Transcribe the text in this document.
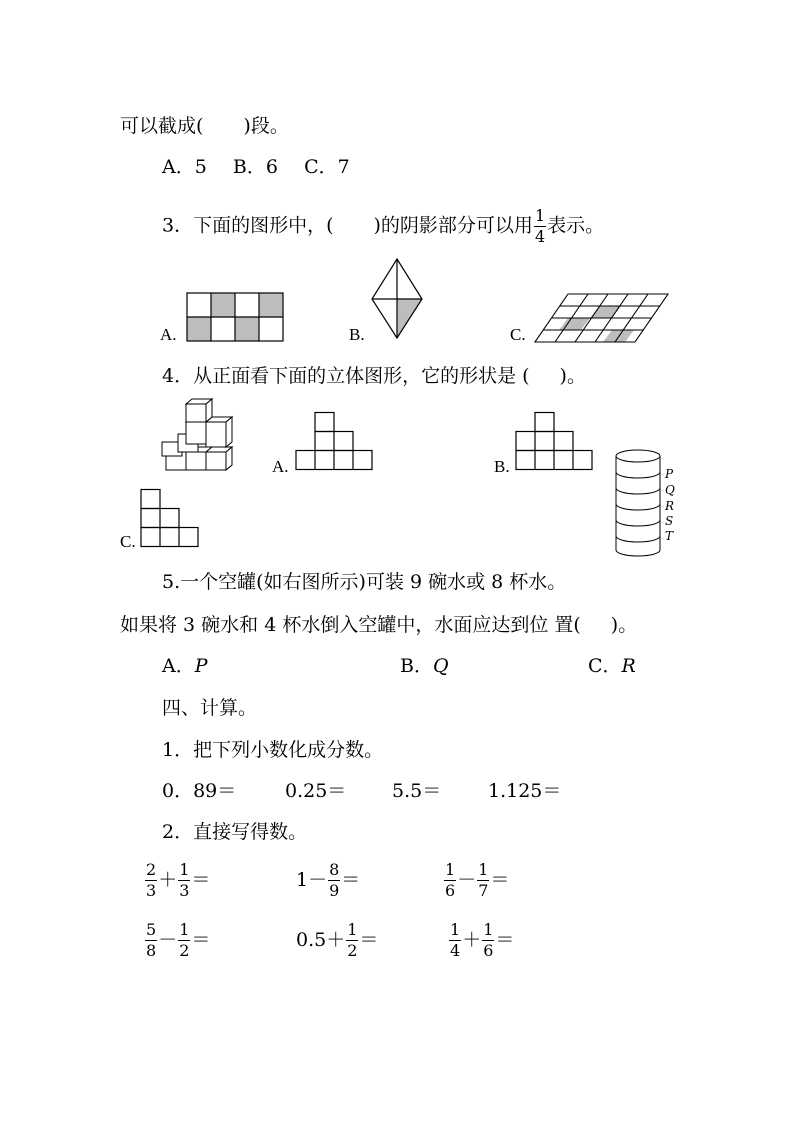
可以截成( )段。
A．5 B．6 C．7
3．下面的图形中，( )的阴影部分可以用 $\frac{1}{4}$ 表示。
A.	B.	C.
4．从正面看下面的立体图形，它的形状是 ( )。
A.	B.
C.
P
Q
R
S
T
5.一个空罐(如右图所示)可装 9 碗水或 8 杯水。
如果将 3 碗水和 4 杯水倒入空罐中，水面应达到位 置( )。
A．P	B．Q	C．R
四、计算。
1．把下列小数化成分数。
0．89＝	0.25＝ 5.5＝ 1.125＝
2．直接写得数。
$\frac{2}{3} + \frac{1}{3}$ ＝	$1- \frac{8}{9}$ ＝	$\frac{1}{6} - \frac{1}{7}$ ＝
$\frac{5}{8} - \frac{1}{2}$ ＝	$0.5+ \frac{1}{2}$ ＝	$\frac{1}{4} + \frac{1}{6}$ ＝
